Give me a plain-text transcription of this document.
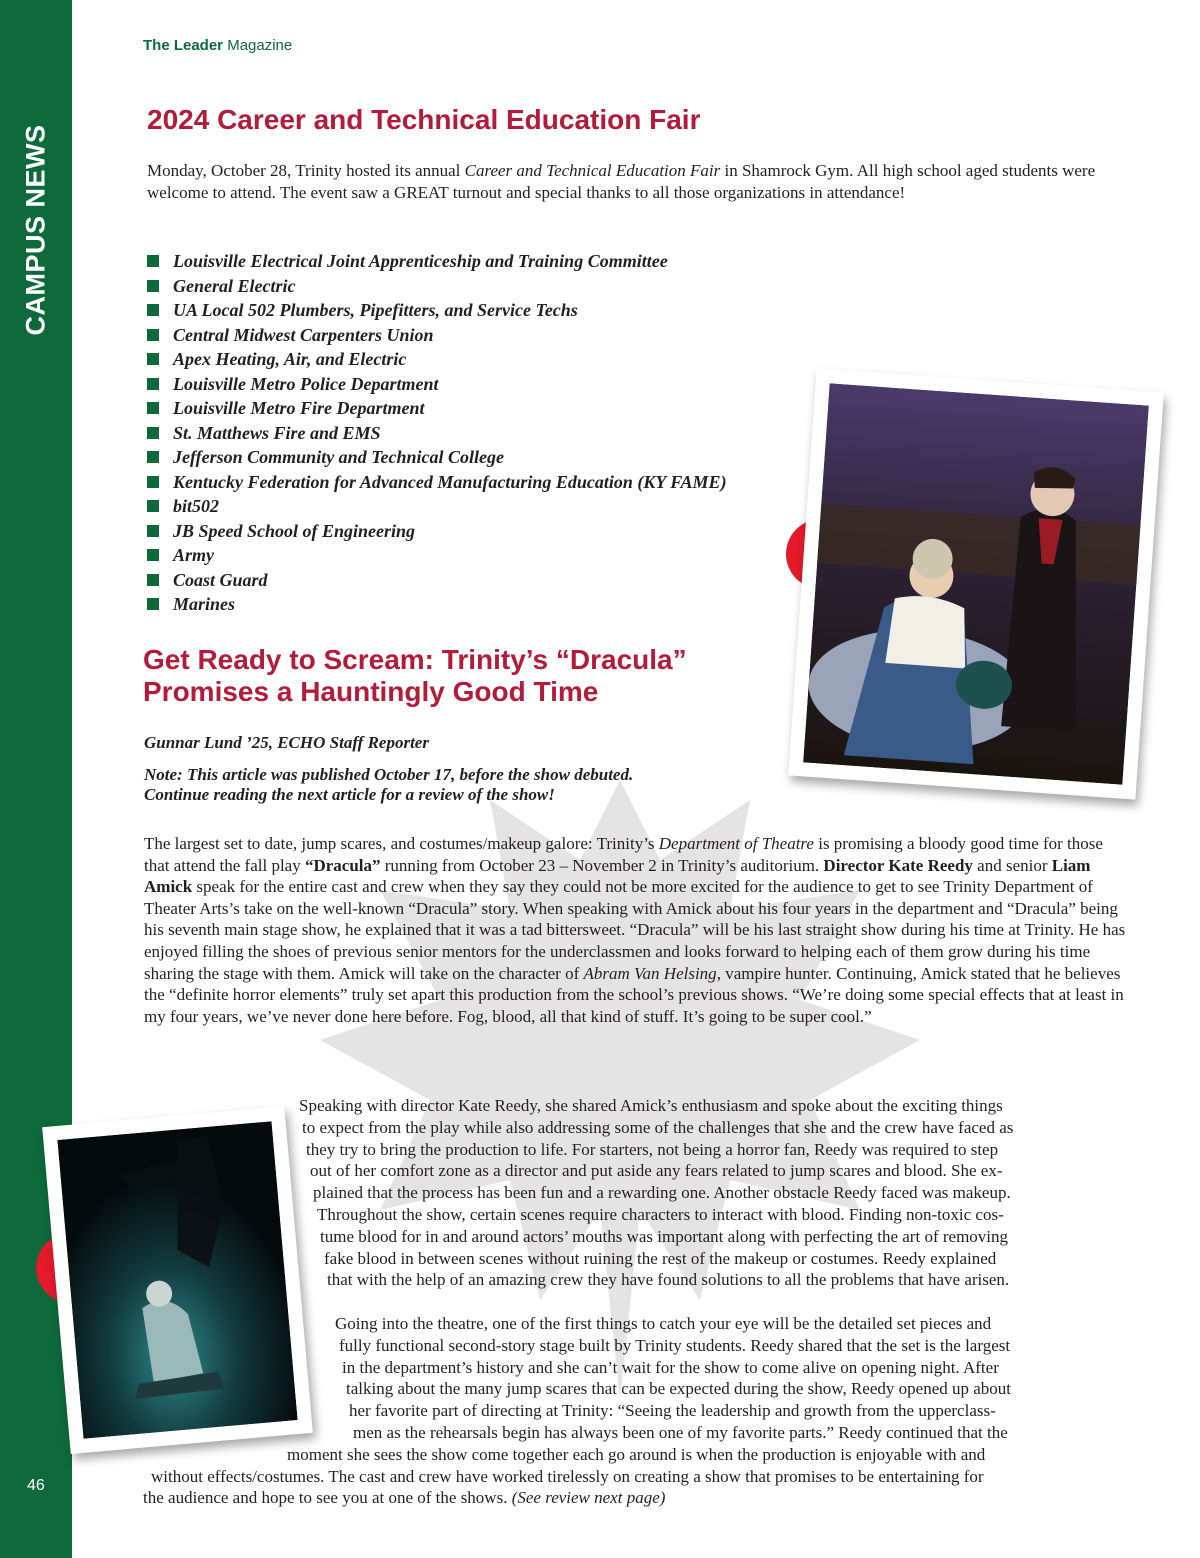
CAMPUS NEWS
46
The Leader Magazine
2024 Career and Technical Education Fair

Monday, October 28, Trinity hosted its annual Career and Technical Education Fair in Shamrock Gym. All high school aged students were welcome to attend. The event saw a GREAT turnout and special thanks to all those organizations in attendance!

Louisville Electrical Joint Apprenticeship and Training Committee
General Electric
UA Local 502 Plumbers, Pipefitters, and Service Techs
Central Midwest Carpenters Union
Apex Heating, Air, and Electric
Louisville Metro Police Department
Louisville Metro Fire Department
St. Matthews Fire and EMS
Jefferson Community and Technical College
Kentucky Federation for Advanced Manufacturing Education (KY FAME)
bit502
JB Speed School of Engineering
Army
Coast Guard
Marines
Get Ready to Scream: Trinity’s “Dracula”
Promises a Hauntingly Good Time
Gunnar Lund ’25, ECHO Staff Reporter

Note: This article was published October 17, before the show debuted.
Continue reading the next article for a review of the show!

The largest set to date, jump scares, and costumes/makeup galore: Trinity’s Department of Theatre is promising a bloody good time for those that attend the fall play “Dracula” running from October 23 – November 2 in Trinity’s auditorium. Director Kate Reedy and senior Liam Amick speak for the entire cast and crew when they say they could not be more excited for the audience to get to see Trinity Department of Theater Arts’s take on the well-known “Dracula” story. When speaking with Amick about his four years in the department and “Dracula” being his seventh main stage show, he explained that it was a tad bittersweet. “Dracula” will be his last straight show during his time at Trinity. He has enjoyed filling the shoes of previous senior mentors for the underclassmen and looks forward to helping each of them grow during his time sharing the stage with them. Amick will take on the character of Abram Van Helsing, vampire hunter. Continuing, Amick stated that he believes the “definite horror elements” truly set apart this production from the school’s previous shows. “We’re doing some special effects that at least in my four years, we’ve never done here before. Fog, blood, all that kind of stuff. It’s going to be super cool.”

Speaking with director Kate Reedy, she shared Amick’s enthusiasm and spoke about the exciting things
to expect from the play while also addressing some of the challenges that she and the crew have faced as
they try to bring the production to life. For starters, not being a horror fan, Reedy was required to step
out of her comfort zone as a director and put aside any fears related to jump scares and blood. She ex-
plained that the process has been fun and a rewarding one. Another obstacle Reedy faced was makeup.
Throughout the show, certain scenes require characters to interact with blood. Finding non-toxic cos-
tume blood for in and around actors’ mouths was important along with perfecting the art of removing
fake blood in between scenes without ruining the rest of the makeup or costumes. Reedy explained
that with the help of an amazing crew they have found solutions to all the problems that have arisen.
Going into the theatre, one of the first things to catch your eye will be the detailed set pieces and
fully functional second-story stage built by Trinity students. Reedy shared that the set is the largest
in the department’s history and she can’t wait for the show to come alive on opening night. After
talking about the many jump scares that can be expected during the show, Reedy opened up about
her favorite part of directing at Trinity: “Seeing the leadership and growth from the upperclass-
men as the rehearsals begin has always been one of my favorite parts.” Reedy continued that the
moment she sees the show come together each go around is when the production is enjoyable with and
without effects/costumes. The cast and crew have worked tirelessly on creating a show that promises to be entertaining for
the audience and hope to see you at one of the shows. (See review next page)
